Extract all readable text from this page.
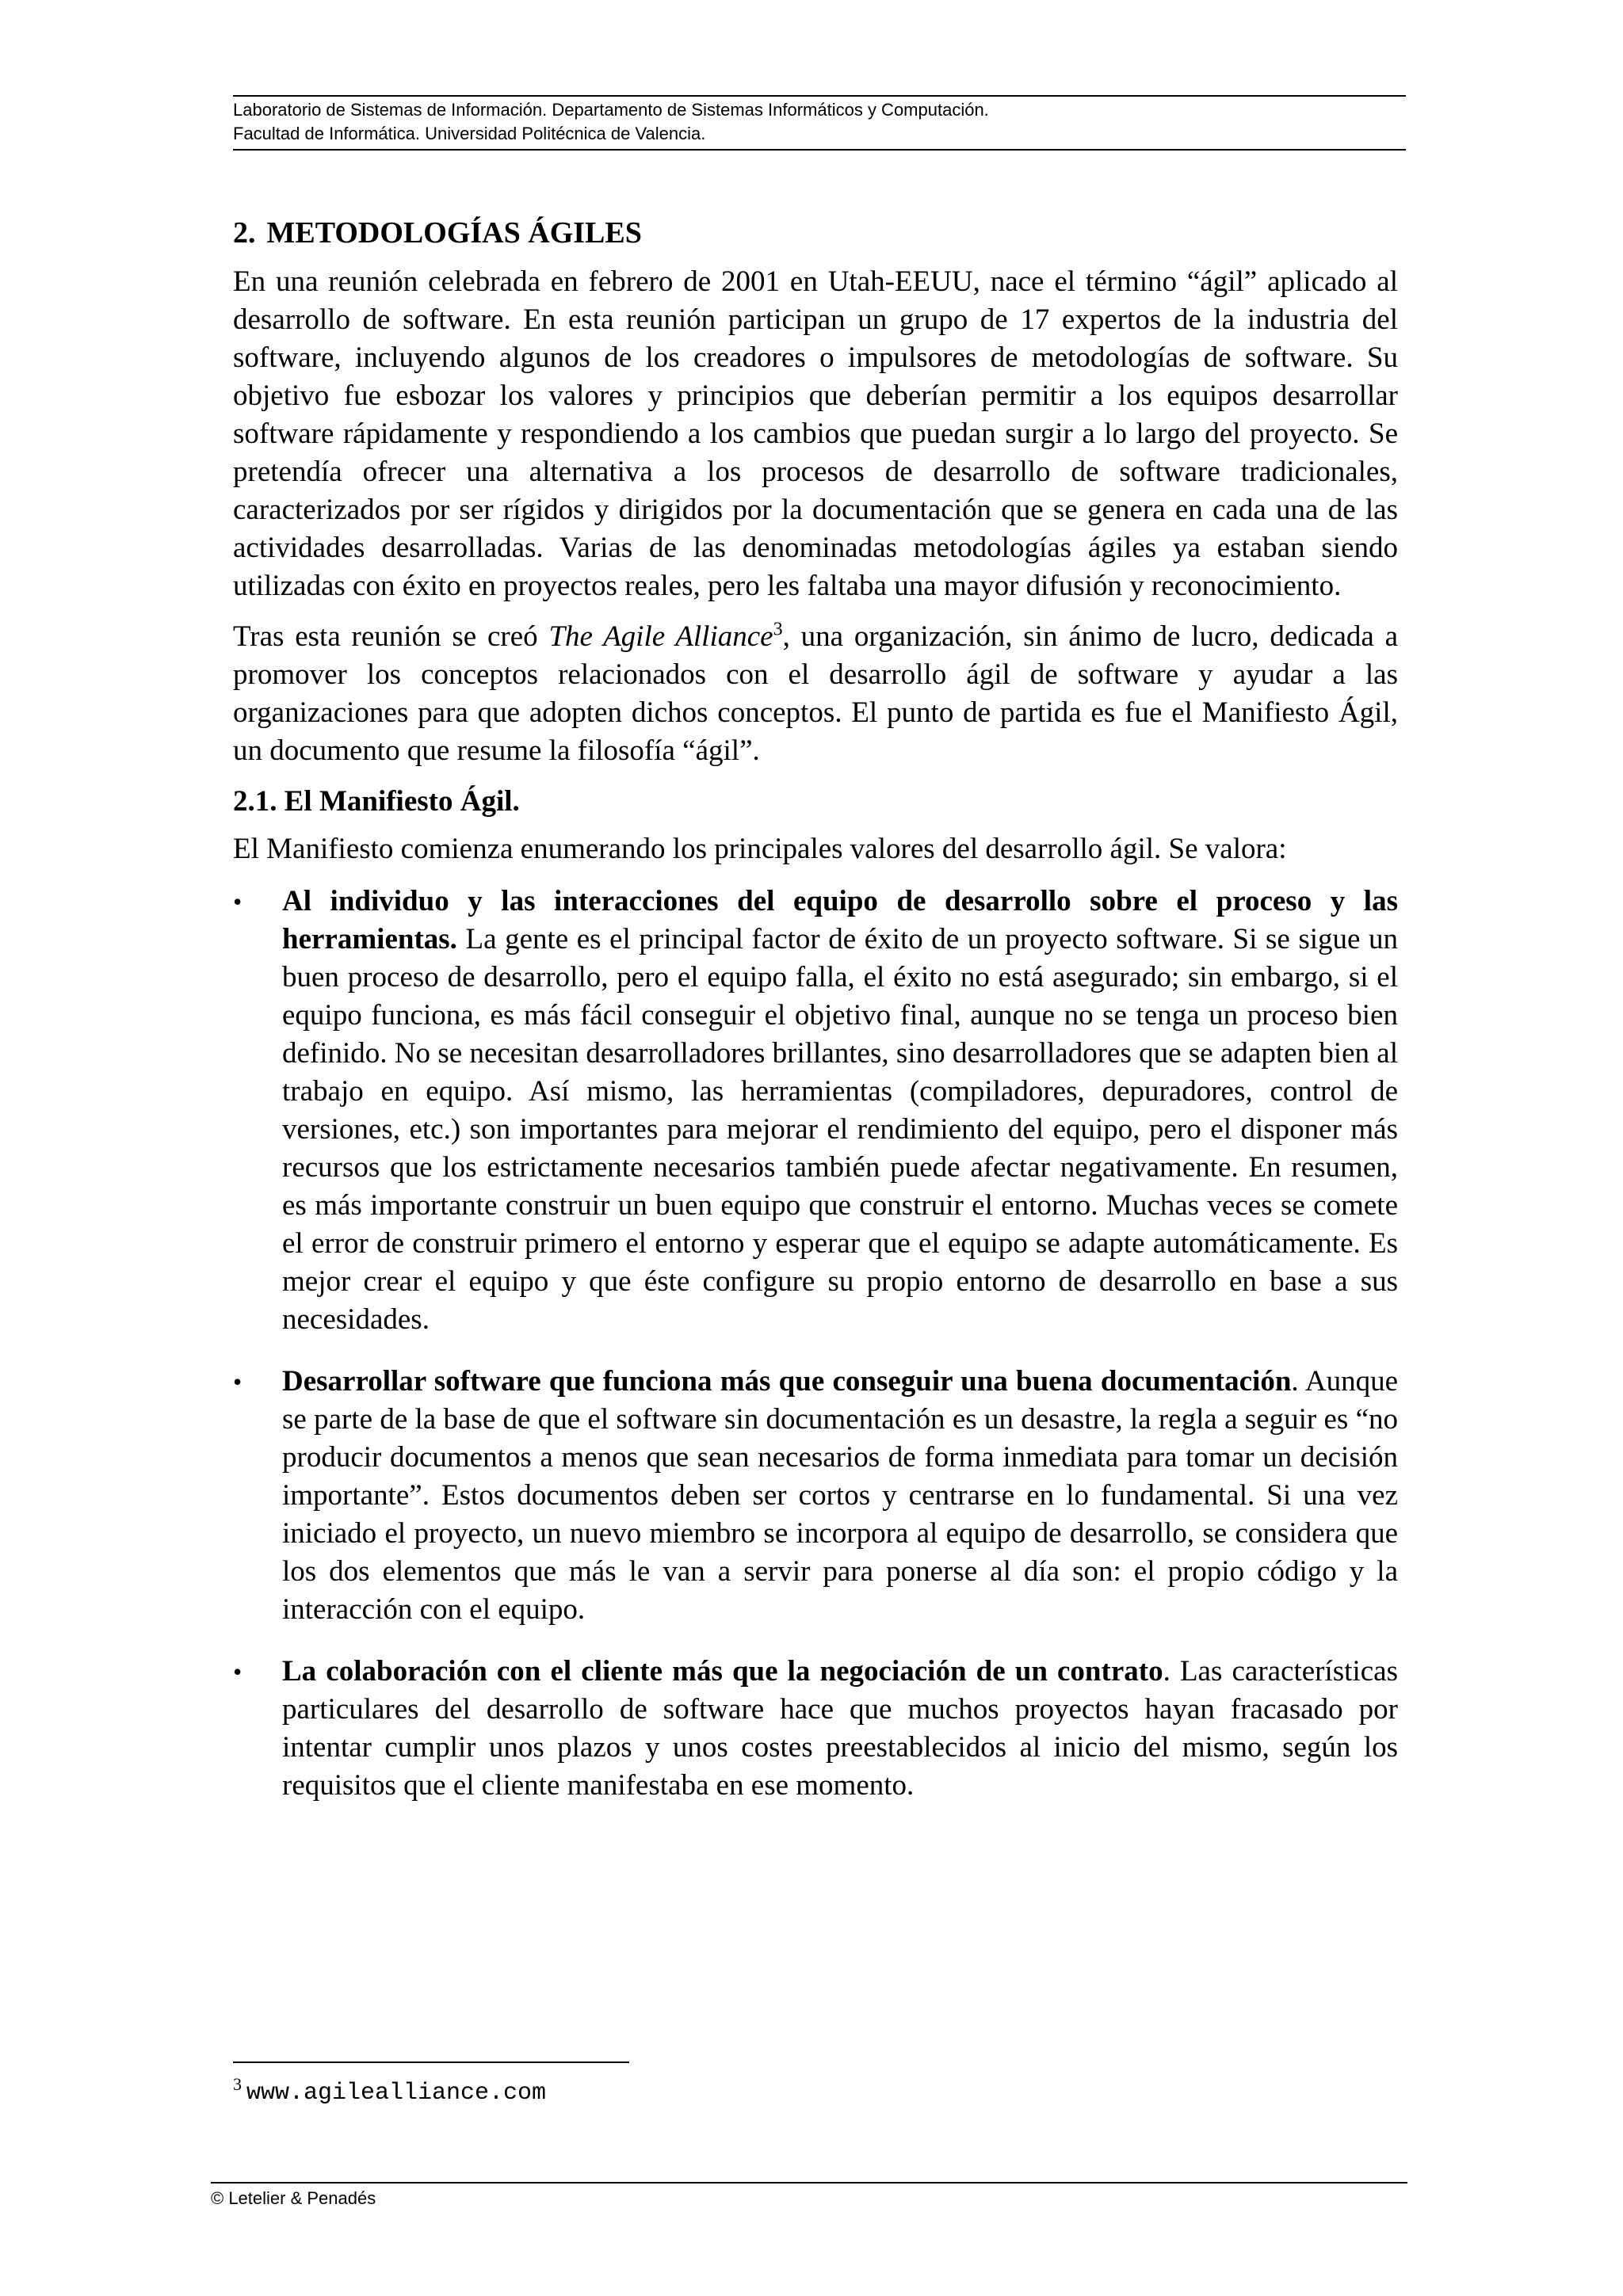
Laboratorio de Sistemas de Información. Departamento de Sistemas Informáticos y Computación.
Facultad de Informática. Universidad Politécnica de Valencia.
2. METODOLOGÍAS ÁGILES

En una reunión celebrada en febrero de 2001 en Utah-EEUU, nace el término “ágil” aplicado al desarrollo de software. En esta reunión participan un grupo de 17 expertos de la industria del software, incluyendo algunos de los creadores o impulsores de metodologías de software. Su objetivo fue esbozar los valores y principios que deberían permitir a los equipos desarrollar software rápidamente y respondiendo a los cambios que puedan surgir a lo largo del proyecto. Se pretendía ofrecer una alternativa a los procesos de desarrollo de software tradicionales, caracterizados por ser rígidos y dirigidos por la documentación que se genera en cada una de las actividades desarrolladas. Varias de las denominadas metodologías ágiles ya estaban siendo utilizadas con éxito en proyectos reales, pero les faltaba una mayor difusión y reconocimiento.

Tras esta reunión se creó The Agile Alliance$^3$, una organización, sin ánimo de lucro, dedicada a promover los conceptos relacionados con el desarrollo ágil de software y ayudar a las organizaciones para que adopten dichos conceptos. El punto de partida es fue el Manifiesto Ágil, un documento que resume la filosofía “ágil”.

2.1. El Manifiesto Ágil.

El Manifiesto comienza enumerando los principales valores del desarrollo ágil. Se valora:

• Al individuo y las interacciones del equipo de desarrollo sobre el proceso y las herramientas. La gente es el principal factor de éxito de un proyecto software. Si se sigue un buen proceso de desarrollo, pero el equipo falla, el éxito no está asegurado; sin embargo, si el equipo funciona, es más fácil conseguir el objetivo final, aunque no se tenga un proceso bien definido. No se necesitan desarrolladores brillantes, sino desarrolladores que se adapten bien al trabajo en equipo. Así mismo, las herramientas (compiladores, depuradores, control de versiones, etc.) son importantes para mejorar el rendimiento del equipo, pero el disponer más recursos que los estrictamente necesarios también puede afectar negativamente. En resumen, es más importante construir un buen equipo que construir el entorno. Muchas veces se comete el error de construir primero el entorno y esperar que el equipo se adapte automáticamente. Es mejor crear el equipo y que éste configure su propio entorno de desarrollo en base a sus necesidades.
• Desarrollar software que funciona más que conseguir una buena documentación. Aunque se parte de la base de que el software sin documentación es un desastre, la regla a seguir es “no producir documentos a menos que sean necesarios de forma inmediata para tomar un decisión importante”. Estos documentos deben ser cortos y centrarse en lo fundamental. Si una vez iniciado el proyecto, un nuevo miembro se incorpora al equipo de desarrollo, se considera que los dos elementos que más le van a servir para ponerse al día son: el propio código y la interacción con el equipo.
• La colaboración con el cliente más que la negociación de un contrato. Las características particulares del desarrollo de software hace que muchos proyectos hayan fracasado por intentar cumplir unos plazos y unos costes preestablecidos al inicio del mismo, según los requisitos que el cliente manifestaba en ese momento.
$^3$ www.agilealliance.com
© Letelier & Penadés
